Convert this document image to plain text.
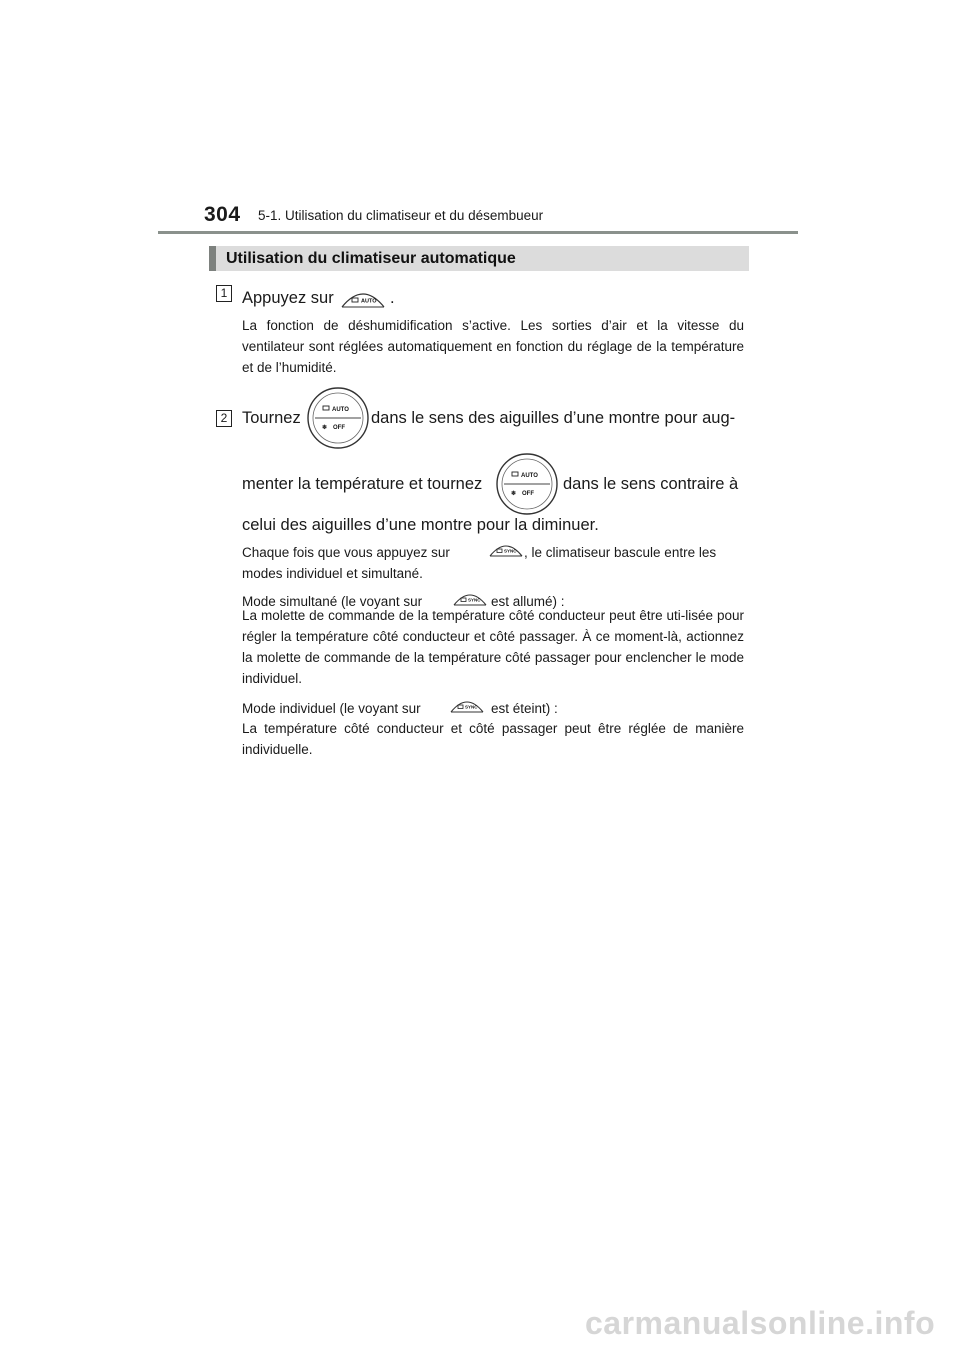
304 5-1. Utilisation du climatiseur et du désembueur
Utilisation du climatiseur automatique
1 Appuyez sur	AUTO .

La fonction de déshumidification s’active. Les sorties d’air et la vitesse du ventilateur sont réglées automatiquement en fonction du réglage de la température et de l’humidité.

2 Tournez	AUTO
❄ OFF

dans le sens des aiguilles d’une montre pour aug-

menter la température et tournez	AUTO
❄ OFF

dans le sens contraire à

celui des aiguilles d’une montre pour la diminuer.

Chaque fois que vous appuyez sur	SYNC , le climatiseur bascule entre les

modes individuel et simultané.

Mode simultané (le voyant sur	SYNC est allumé) :

La molette de commande de la température côté conducteur peut être uti-lisée pour régler la température côté conducteur et côté passager. À ce moment-là, actionnez la molette de commande de la température côté passager pour enclencher le mode individuel.

Mode individuel (le voyant sur	SYNC est éteint) :

La température côté conducteur et côté passager peut être réglée de manière individuelle.

carmanualsonline.info
